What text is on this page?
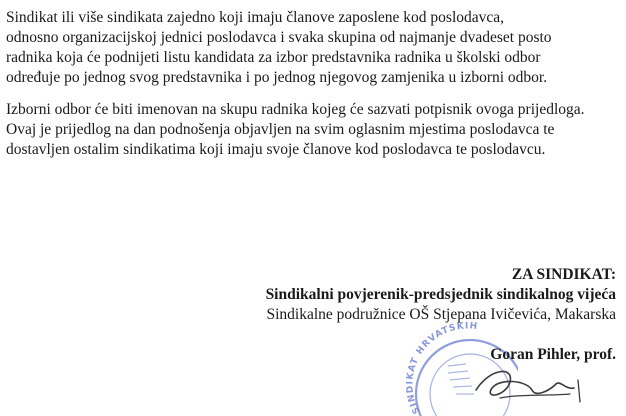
Sindikat ili više sindikata zajedno koji imaju članove zaposlene kod poslodavca,
odnosno organizacijskoj jednici poslodavca i svaka skupina od najmanje dvadeset posto
radnika koja će podnijeti listu kandidata za izbor predstavnika radnika u školski odbor
određuje po jednog svog predstavnika i po jednog njegovog zamjenika u izborni odbor.
Izborni odbor će biti imenovan na skupu radnika kojeg će sazvati potpisnik ovoga prijedloga.
Ovaj je prijedlog na dan podnošenja objavljen na svim oglasnim mjestima poslodavca te
dostavljen ostalim sindikatima koji imaju svoje članove kod poslodavca te poslodavcu.
ZA SINDIKAT:
Sindikalni povjerenik-predsjednik sindikalnog vijeća
Sindikalne podružnice OŠ Stjepana Ivičevića, Makarska
SINDIKAT HRVATSKIH
Goran Pihler, prof.
